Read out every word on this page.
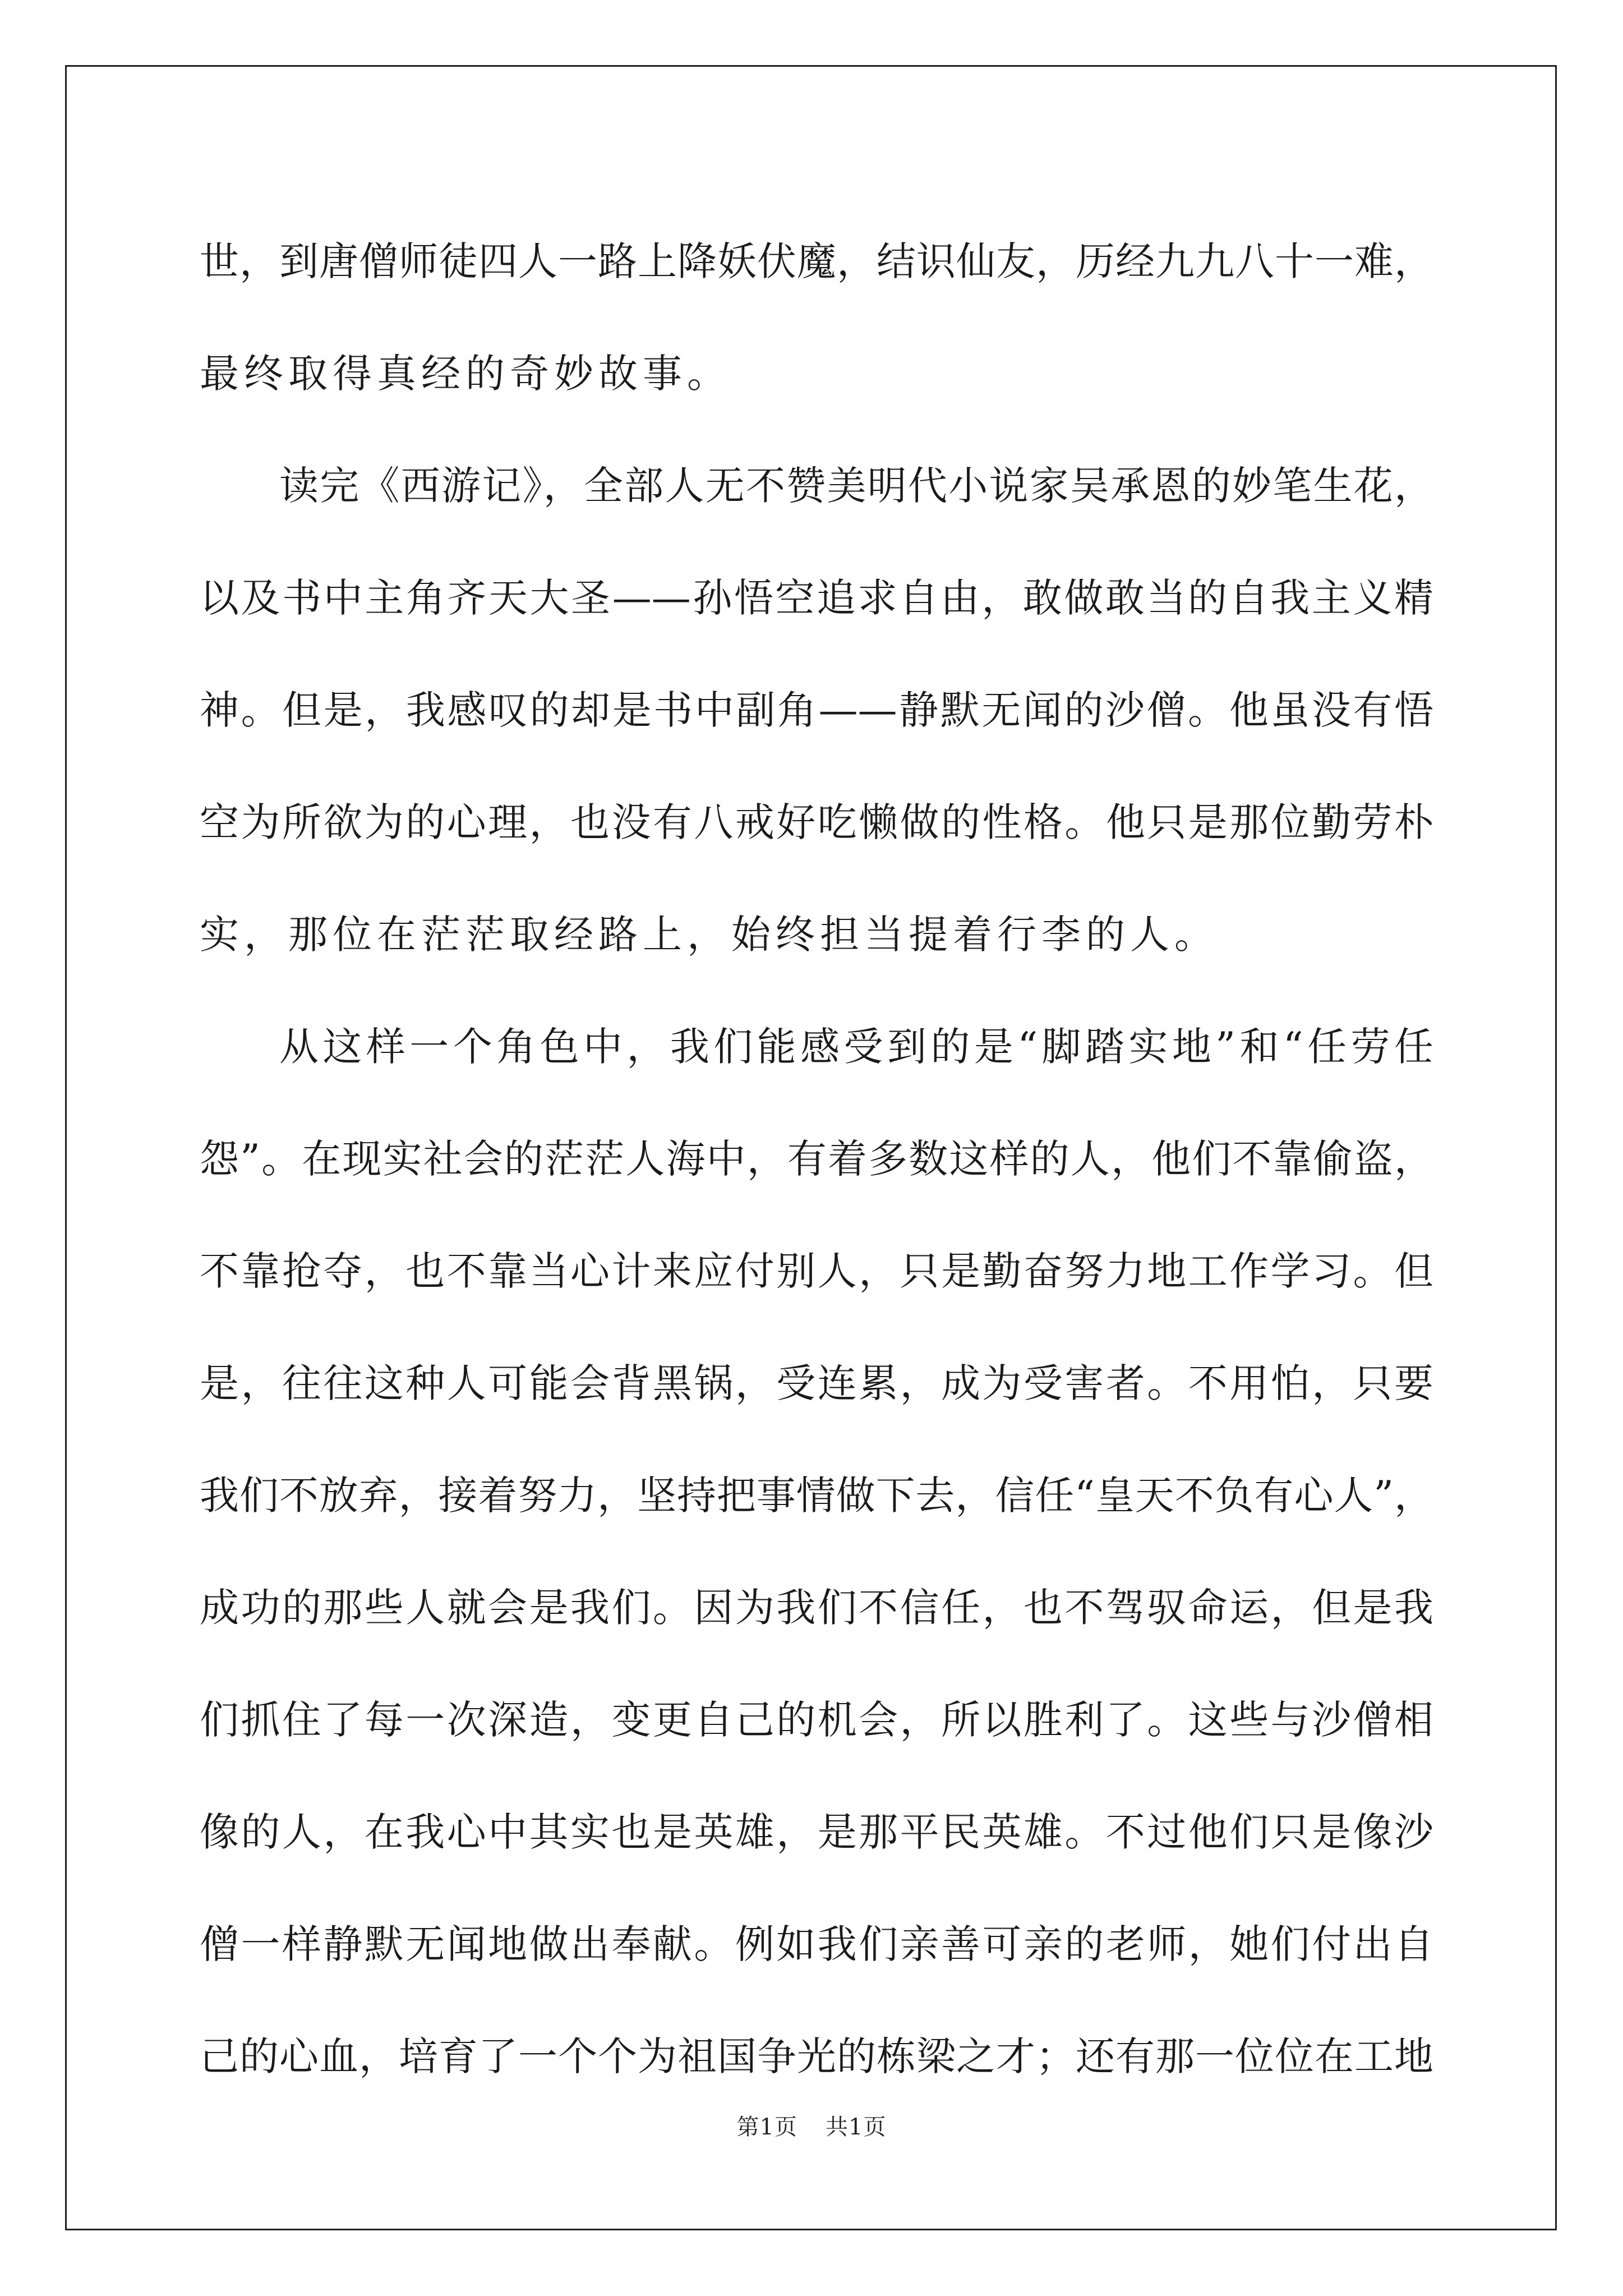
世，到唐僧师徒四人一路上降妖伏魔，结识仙友，历经九九八十一难，
最终取得真经的奇妙故事。
读完《西游记》，全部人无不赞美明代小说家吴承恩的妙笔生花，
以及书中主角齐天大圣——孙悟空追求自由，敢做敢当的自我主义精
神。但是，我感叹的却是书中副角——静默无闻的沙僧。他虽没有悟
空为所欲为的心理，也没有八戒好吃懒做的性格。他只是那位勤劳朴
实，那位在茫茫取经路上，始终担当提着行李的人。
从这样一个角色中，我们能感受到的是“脚踏实地”和“任劳任
怨”。在现实社会的茫茫人海中，有着多数这样的人，他们不靠偷盗，
不靠抢夺，也不靠当心计来应付别人，只是勤奋努力地工作学习。但
是，往往这种人可能会背黑锅，受连累，成为受害者。不用怕，只要
我们不放弃，接着努力，坚持把事情做下去，信任“皇天不负有心人”，
成功的那些人就会是我们。因为我们不信任，也不驾驭命运，但是我
们抓住了每一次深造，变更自己的机会，所以胜利了。这些与沙僧相
像的人，在我心中其实也是英雄，是那平民英雄。不过他们只是像沙
僧一样静默无闻地做出奉献。例如我们亲善可亲的老师，她们付出自
己的心血，培育了一个个为祖国争光的栋梁之才；还有那一位位在工地
第1页 共1页
